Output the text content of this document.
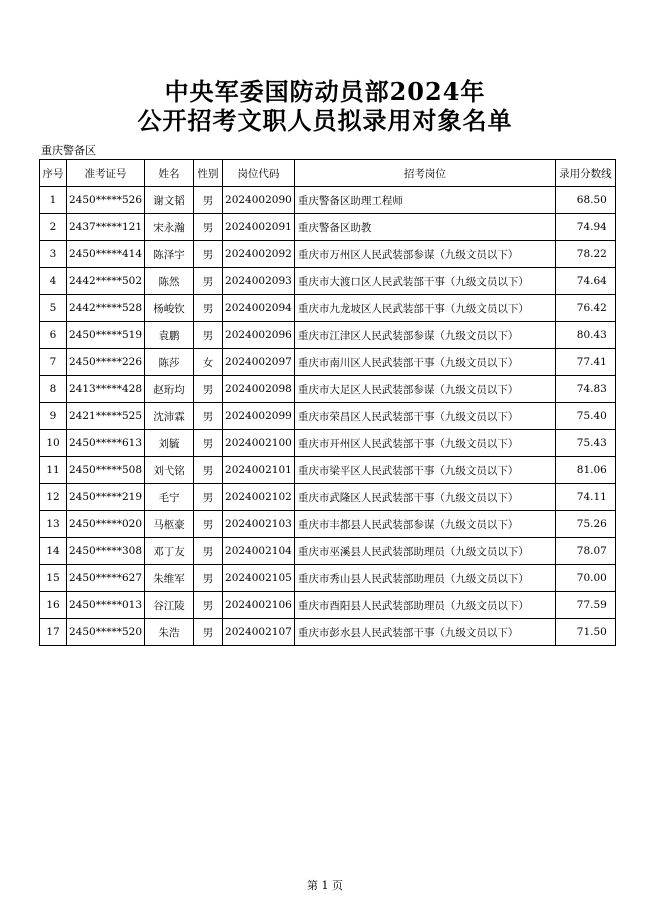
中央军委国防动员部2024年
公开招考文职人员拟录用对象名单
重庆警备区
序号	准考证号	姓名	性别	岗位代码	招考岗位	录用分数线
1	2450*****526	谢文韬	男	2024002090	重庆警备区助理工程师	68.50
2	2437*****121	宋永瀚	男	2024002091	重庆警备区助教	74.94
3	2450*****414	陈泽宇	男	2024002092	重庆市万州区人民武装部参谋（九级文员以下）	78.22
4	2442*****502	陈然	男	2024002093	重庆市大渡口区人民武装部干事（九级文员以下）	74.64
5	2442*****528	杨峻钦	男	2024002094	重庆市九龙坡区人民武装部干事（九级文员以下）	76.42
6	2450*****519	袁鹏	男	2024002096	重庆市江津区人民武装部参谋（九级文员以下）	80.43
7	2450*****226	陈莎	女	2024002097	重庆市南川区人民武装部干事（九级文员以下）	77.41
8	2413*****428	赵珩均	男	2024002098	重庆市大足区人民武装部参谋（九级文员以下）	74.83
9	2421*****525	沈沛霖	男	2024002099	重庆市荣昌区人民武装部干事（九级文员以下）	75.40
10	2450*****613	刘毓	男	2024002100	重庆市开州区人民武装部干事（九级文员以下）	75.43
11	2450*****508	刘弋铭	男	2024002101	重庆市梁平区人民武装部干事（九级文员以下）	81.06
12	2450*****219	毛宁	男	2024002102	重庆市武隆区人民武装部干事（九级文员以下）	74.11
13	2450*****020	马柩豪	男	2024002103	重庆市丰都县人民武装部参谋（九级文员以下）	75.26
14	2450*****308	邓丁友	男	2024002104	重庆市巫溪县人民武装部助理员（九级文员以下）	78.07
15	2450*****627	朱维军	男	2024002105	重庆市秀山县人民武装部助理员（九级文员以下）	70.00
16	2450*****013	谷江陵	男	2024002106	重庆市酉阳县人民武装部助理员（九级文员以下）	77.59
17	2450*****520	朱浩	男	2024002107	重庆市彭水县人民武装部干事（九级文员以下）	71.50
第 1 页
